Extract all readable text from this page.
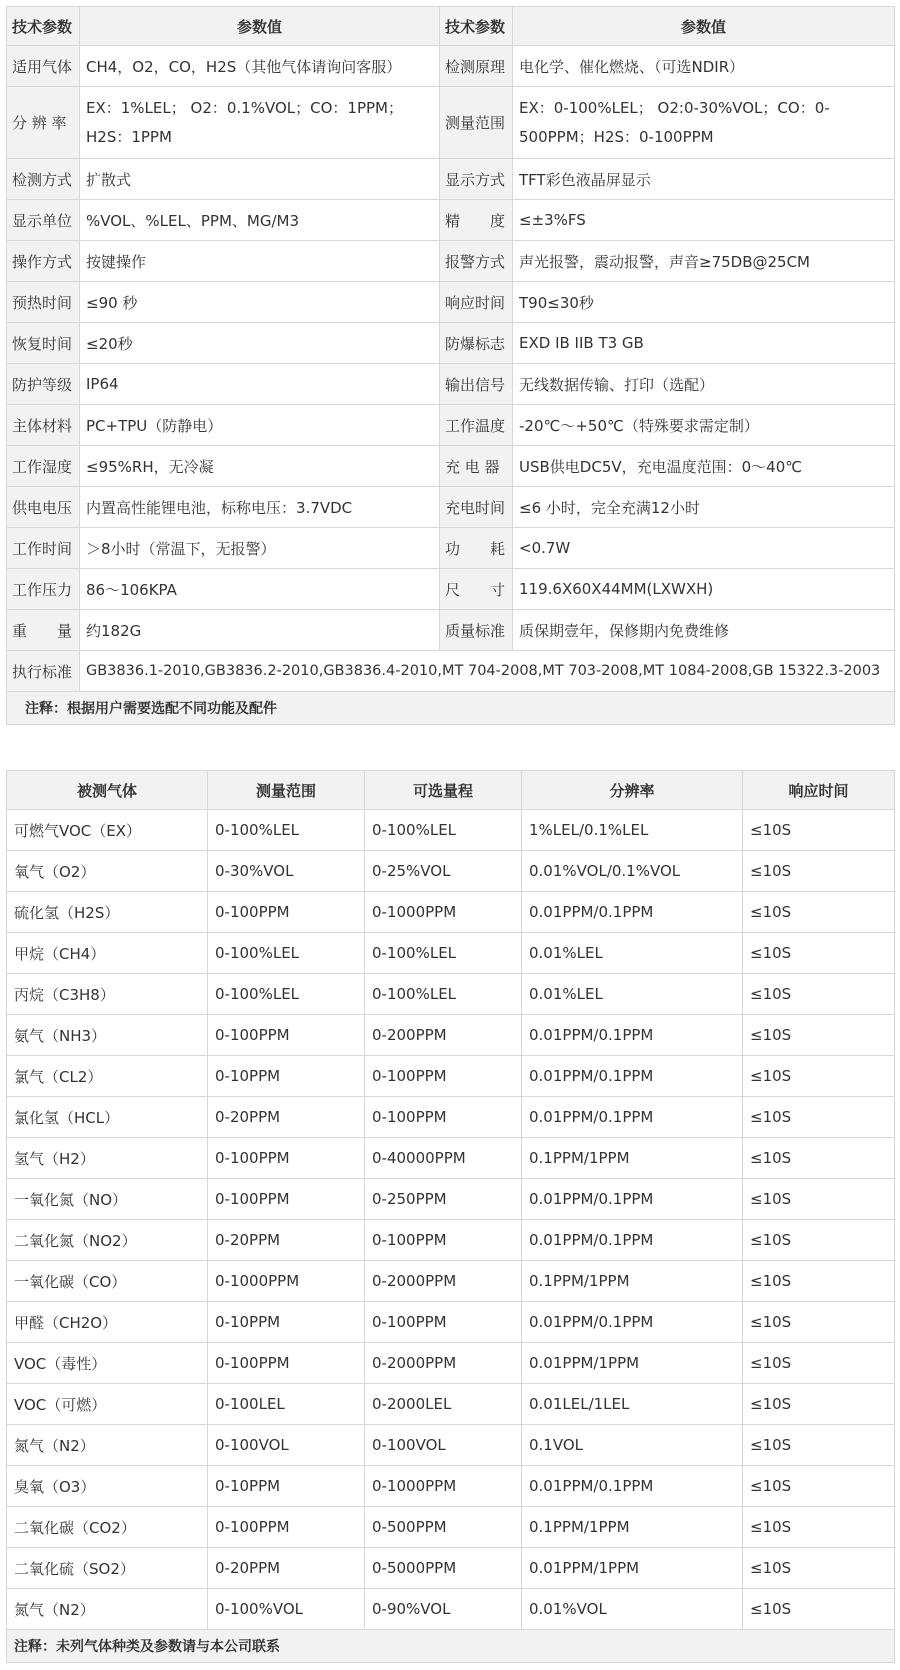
技术参数	参数值	技术参数	参数值
适用气体	CH4，O2，CO，H2S（其他气体请询问客服）	检测原理	电化学、催化燃烧、（可选NDIR）
分 辨 率	EX：1%LEL； O2：0.1%VOL；CO：1PPM；H2S：1PPM	测量范围	EX：0-100%LEL； O2:0-30%VOL；CO：0-500PPM；H2S：0-100PPM
检测方式	扩散式	显示方式	TFT彩色液晶屏显示
显示单位	%VOL、%LEL、PPM、MG/M3	精　　度	≤±3%FS
操作方式	按键操作	报警方式	声光报警，震动报警，声音≥75DB@25CM
预热时间	≤90 秒	响应时间	T90≤30秒
恢复时间	≤20秒	防爆标志	EXD IB IIB T3 GB
防护等级	IP64	输出信号	无线数据传输、打印（选配）
主体材料	PC+TPU（防静电）	工作温度	-20℃～+50℃（特殊要求需定制）
工作湿度	≤95%RH，无冷凝	充 电 器	USB供电DC5V，充电温度范围：0～40℃
供电电压	内置高性能锂电池，标称电压：3.7VDC	充电时间	≤6 小时，完全充满12小时
工作时间	＞8小时（常温下，无报警）	功　　耗	<0.7W
工作压力	86～106KPA	尺　　寸	119.6X60X44MM(LXWXH)
重　　量	约182G	质量标准	质保期壹年，保修期内免费维修
执行标准	GB3836.1-2010,GB3836.2-2010,GB3836.4-2010,MT 704-2008,MT 703-2008,MT 1084-2008,GB 15322.3-2003		
注释：根据用户需要选配不同功能及配件			
被测气体	测量范围	可选量程	分辨率	响应时间
可燃气VOC（EX）	0-100%LEL	0-100%LEL	1%LEL/0.1%LEL	≤10S
氧气（O2）	0-30%VOL	0-25%VOL	0.01%VOL/0.1%VOL	≤10S
硫化氢（H2S）	0-100PPM	0-1000PPM	0.01PPM/0.1PPM	≤10S
甲烷（CH4）	0-100%LEL	0-100%LEL	0.01%LEL	≤10S
丙烷（C3H8）	0-100%LEL	0-100%LEL	0.01%LEL	≤10S
氨气（NH3）	0-100PPM	0-200PPM	0.01PPM/0.1PPM	≤10S
氯气（CL2）	0-10PPM	0-100PPM	0.01PPM/0.1PPM	≤10S
氯化氢（HCL）	0-20PPM	0-100PPM	0.01PPM/0.1PPM	≤10S
氢气（H2）	0-100PPM	0-40000PPM	0.1PPM/1PPM	≤10S
一氧化氮（NO）	0-100PPM	0-250PPM	0.01PPM/0.1PPM	≤10S
二氧化氮（NO2）	0-20PPM	0-100PPM	0.01PPM/0.1PPM	≤10S
一氧化碳（CO）	0-1000PPM	0-2000PPM	0.1PPM/1PPM	≤10S
甲醛（CH2O）	0-10PPM	0-100PPM	0.01PPM/0.1PPM	≤10S
VOC（毒性）	0-100PPM	0-2000PPM	0.01PPM/1PPM	≤10S
VOC（可燃）	0-100LEL	0-2000LEL	0.01LEL/1LEL	≤10S
氮气（N2）	0-100VOL	0-100VOL	0.1VOL	≤10S
臭氧（O3）	0-10PPM	0-1000PPM	0.01PPM/0.1PPM	≤10S
二氧化碳（CO2）	0-100PPM	0-500PPM	0.1PPM/1PPM	≤10S
二氧化硫（SO2）	0-20PPM	0-5000PPM	0.01PPM/1PPM	≤10S
氮气（N2）	0-100%VOL	0-90%VOL	0.01%VOL	≤10S
注释：未列气体种类及参数请与本公司联系				
